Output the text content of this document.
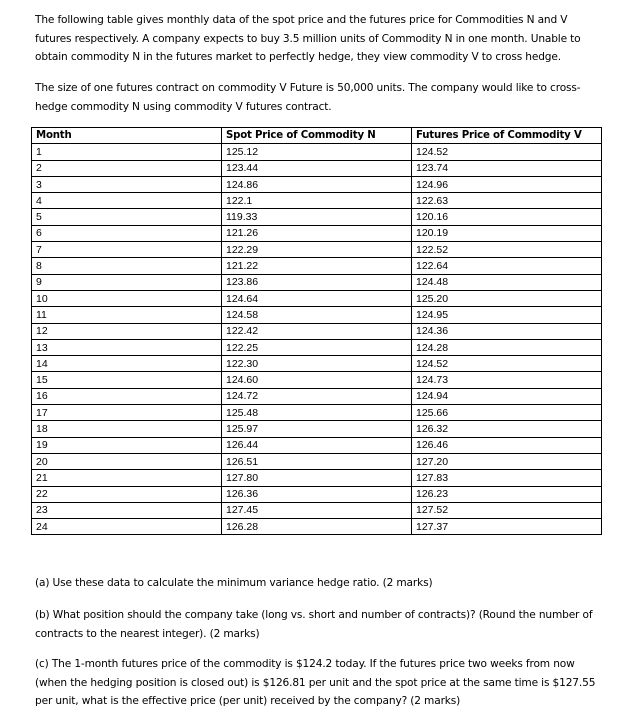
The following table gives monthly data of the spot price and the futures price for Commodities N and V futures respectively. A company expects to buy 3.5 million units of Commodity N in one month. Unable to obtain commodity N in the futures market to perfectly hedge, they view commodity V to cross hedge.

The size of one futures contract on commodity V Future is 50,000 units. The company would like to cross-hedge commodity N using commodity V futures contract.

Month	Spot Price of Commodity N	Futures Price of Commodity V
1	125.12	124.52
2	123.44	123.74
3	124.86	124.96
4	122.1	122.63
5	119.33	120.16
6	121.26	120.19
7	122.29	122.52
8	121.22	122.64
9	123.86	124.48
10	124.64	125.20
11	124.58	124.95
12	122.42	124.36
13	122.25	124.28
14	122.30	124.52
15	124.60	124.73
16	124.72	124.94
17	125.48	125.66
18	125.97	126.32
19	126.44	126.46
20	126.51	127.20
21	127.80	127.83
22	126.36	126.23
23	127.45	127.52
24	126.28	127.37

(a) Use these data to calculate the minimum variance hedge ratio. (2 marks)

(b) What position should the company take (long vs. short and number of contracts)? (Round the number of contracts to the nearest integer). (2 marks)

(c) The 1-month futures price of the commodity is $124.2 today. If the futures price two weeks from now (when the hedging position is closed out) is $126.81 per unit and the spot price at the same time is $127.55 per unit, what is the effective price (per unit) received by the company? (2 marks)
